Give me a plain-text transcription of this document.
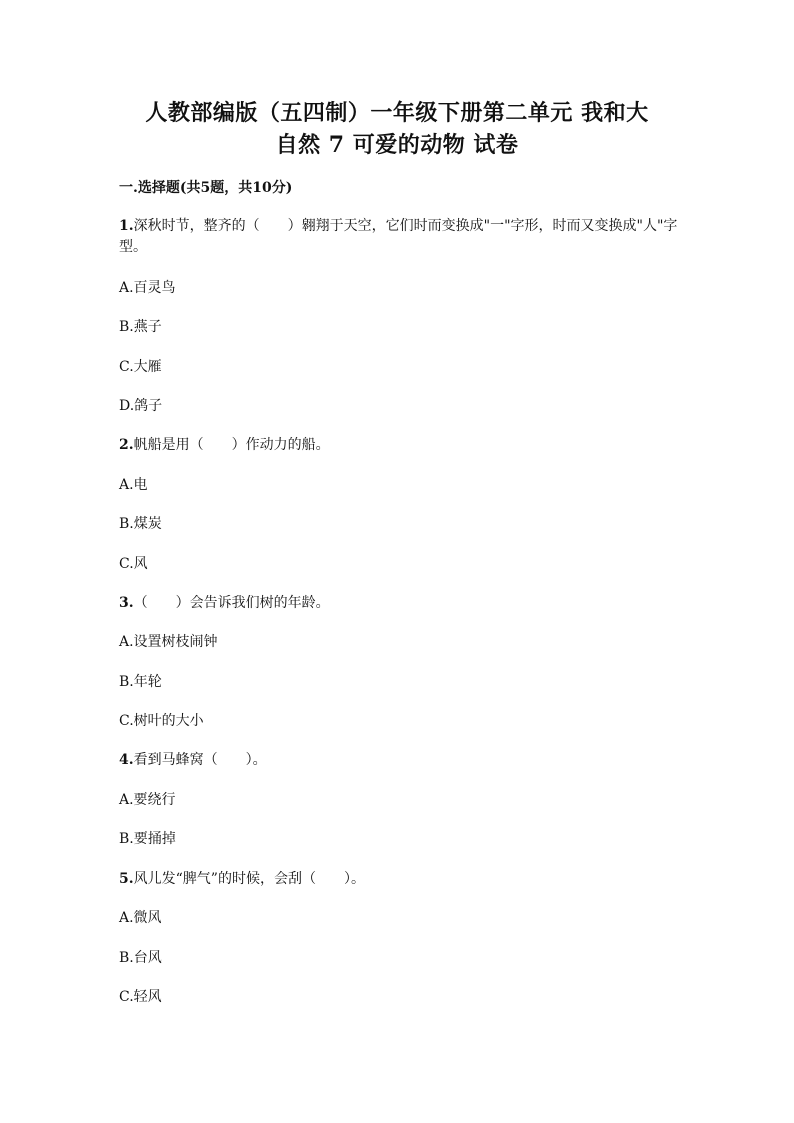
人教部编版（五四制）一年级下册第二单元 我和大
自然 7 可爱的动物 试卷
一.选择题(共5题，共10分)
1.深秋时节，整齐的（　　）翱翔于天空，它们时而变换成"一"字形，时而又变换成"人"字型。
A.百灵鸟
B.燕子
C.大雁
D.鸽子
2.帆船是用（　　）作动力的船。
A.电
B.煤炭
C.风
3.（　　）会告诉我们树的年龄。
A.设置树枝闹钟
B.年轮
C.树叶的大小
4.看到马蜂窝（　　）。
A.要绕行
B.要捅掉
5.风儿发“脾气”的时候，会刮（　　）。
A.微风
B.台风
C.轻风
